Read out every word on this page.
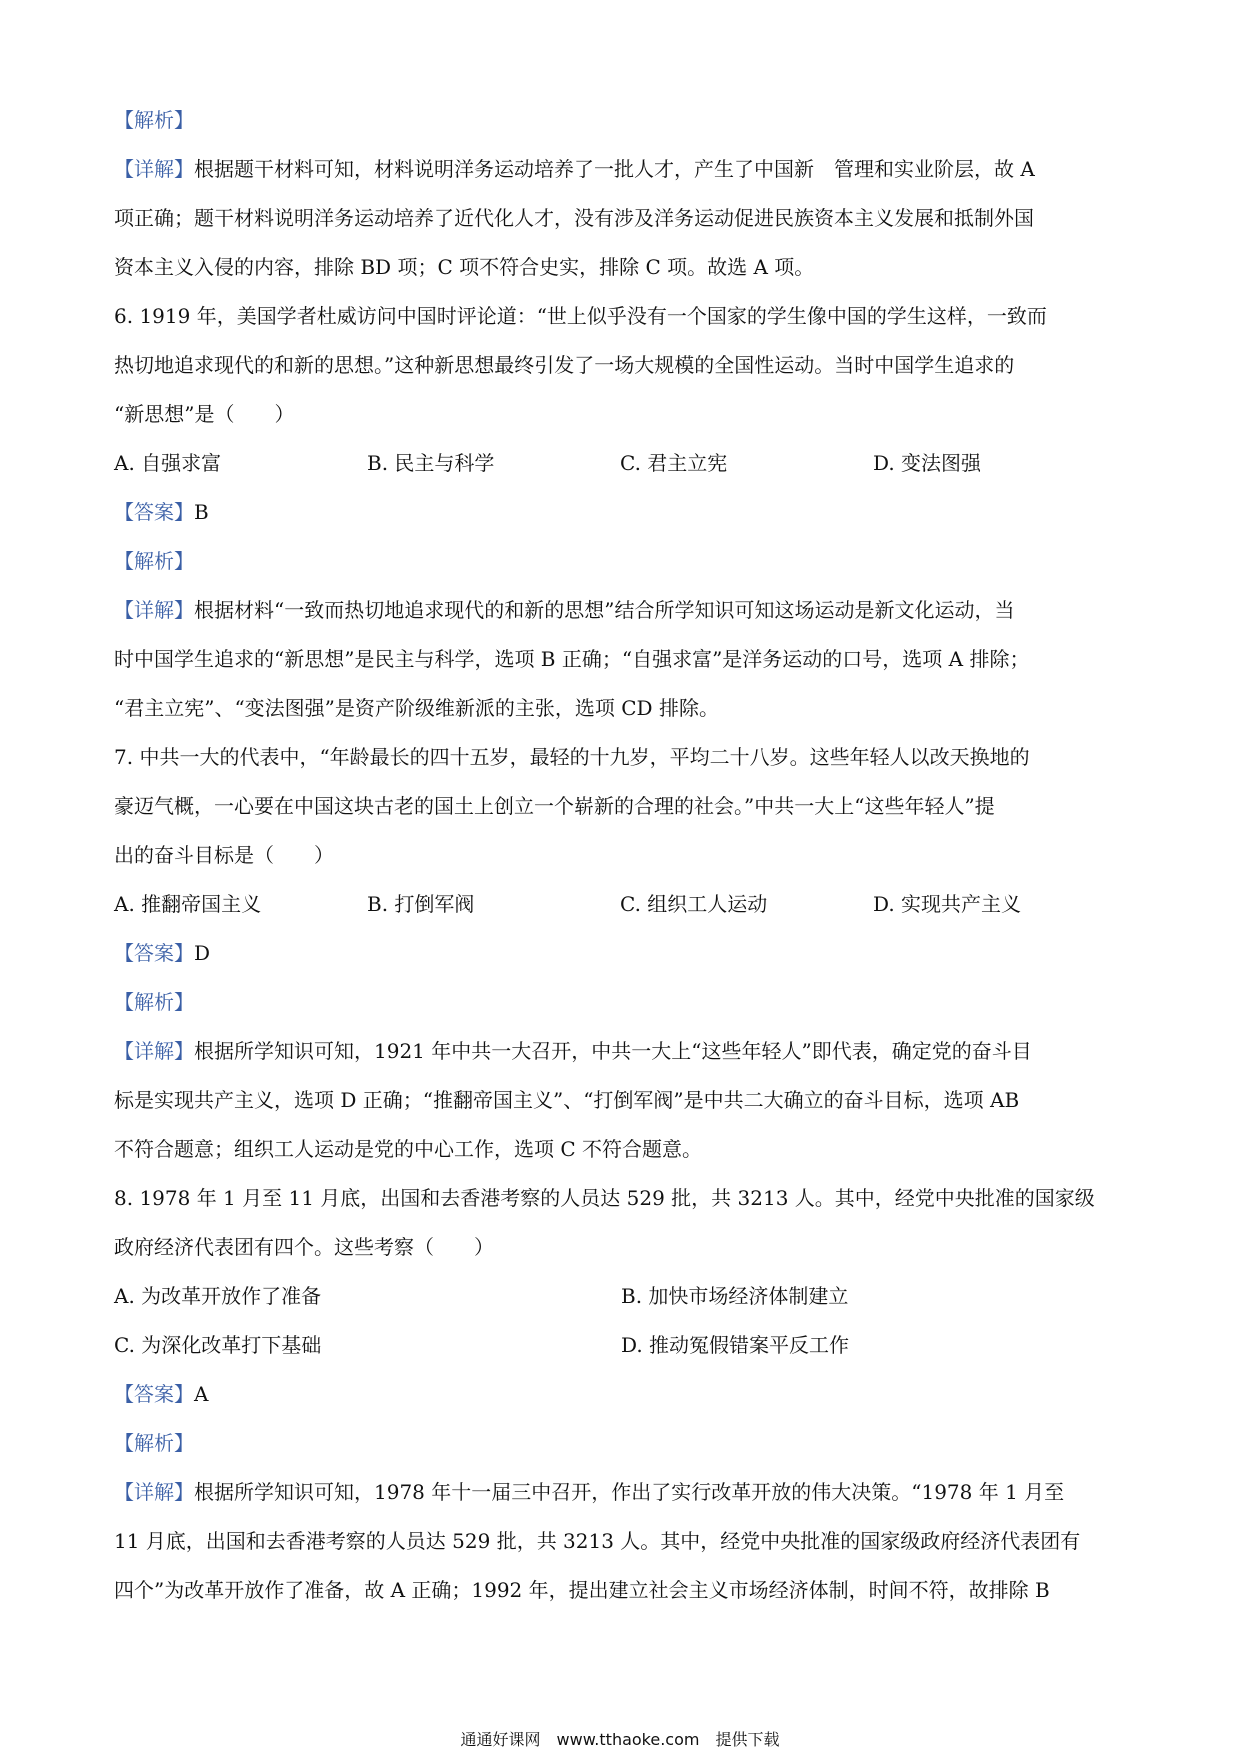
【解析】
【详解】根据题干材料可知，材料说明洋务运动培养了一批人才，产生了中国新　管理和实业阶层，故 A
项正确；题干材料说明洋务运动培养了近代化人才，没有涉及洋务运动促进民族资本主义发展和抵制外国
资本主义入侵的内容，排除 BD 项；C 项不符合史实，排除 C 项。故选 A 项。
6. 1919 年，美国学者杜威访问中国时评论道：“世上似乎没有一个国家的学生像中国的学生这样，一致而
热切地追求现代的和新的思想。”这种新思想最终引发了一场大规模的全国性运动。当时中国学生追求的
“新思想”是（　　）
A. 自强求富	B. 民主与科学	C. 君主立宪	D. 变法图强
【答案】B
【解析】
【详解】根据材料“一致而热切地追求现代的和新的思想”结合所学知识可知这场运动是新文化运动，当
时中国学生追求的“新思想”是民主与科学，选项 B 正确；“自强求富”是洋务运动的口号，选项 A 排除；
“君主立宪”、“变法图强”是资产阶级维新派的主张，选项 CD 排除。
7. 中共一大的代表中，“年龄最长的四十五岁，最轻的十九岁，平均二十八岁。这些年轻人以改天换地的
豪迈气概，一心要在中国这块古老的国土上创立一个崭新的合理的社会。”中共一大上“这些年轻人”提
出的奋斗目标是（　　）
A. 推翻帝国主义	B. 打倒军阀	C. 组织工人运动	D. 实现共产主义
【答案】D
【解析】
【详解】根据所学知识可知，1921 年中共一大召开，中共一大上“这些年轻人”即代表，确定党的奋斗目
标是实现共产主义，选项 D 正确；“推翻帝国主义”、“打倒军阀”是中共二大确立的奋斗目标，选项 AB
不符合题意；组织工人运动是党的中心工作，选项 C 不符合题意。
8. 1978 年 1 月至 11 月底，出国和去香港考察的人员达 529 批，共 3213 人。其中，经党中央批准的国家级
政府经济代表团有四个。这些考察（　　）
A. 为改革开放作了准备	B. 加快市场经济体制建立
C. 为深化改革打下基础	D. 推动冤假错案平反工作
【答案】A
【解析】
【详解】根据所学知识可知，1978 年十一届三中召开，作出了实行改革开放的伟大决策。“1978 年 1 月至
11 月底，出国和去香港考察的人员达 529 批，共 3213 人。其中，经党中央批准的国家级政府经济代表团有
四个”为改革开放作了准备，故 A 正确；1992 年，提出建立社会主义市场经济体制，时间不符，故排除 B
通通好课网　www.tthaoke.com　提供下载
